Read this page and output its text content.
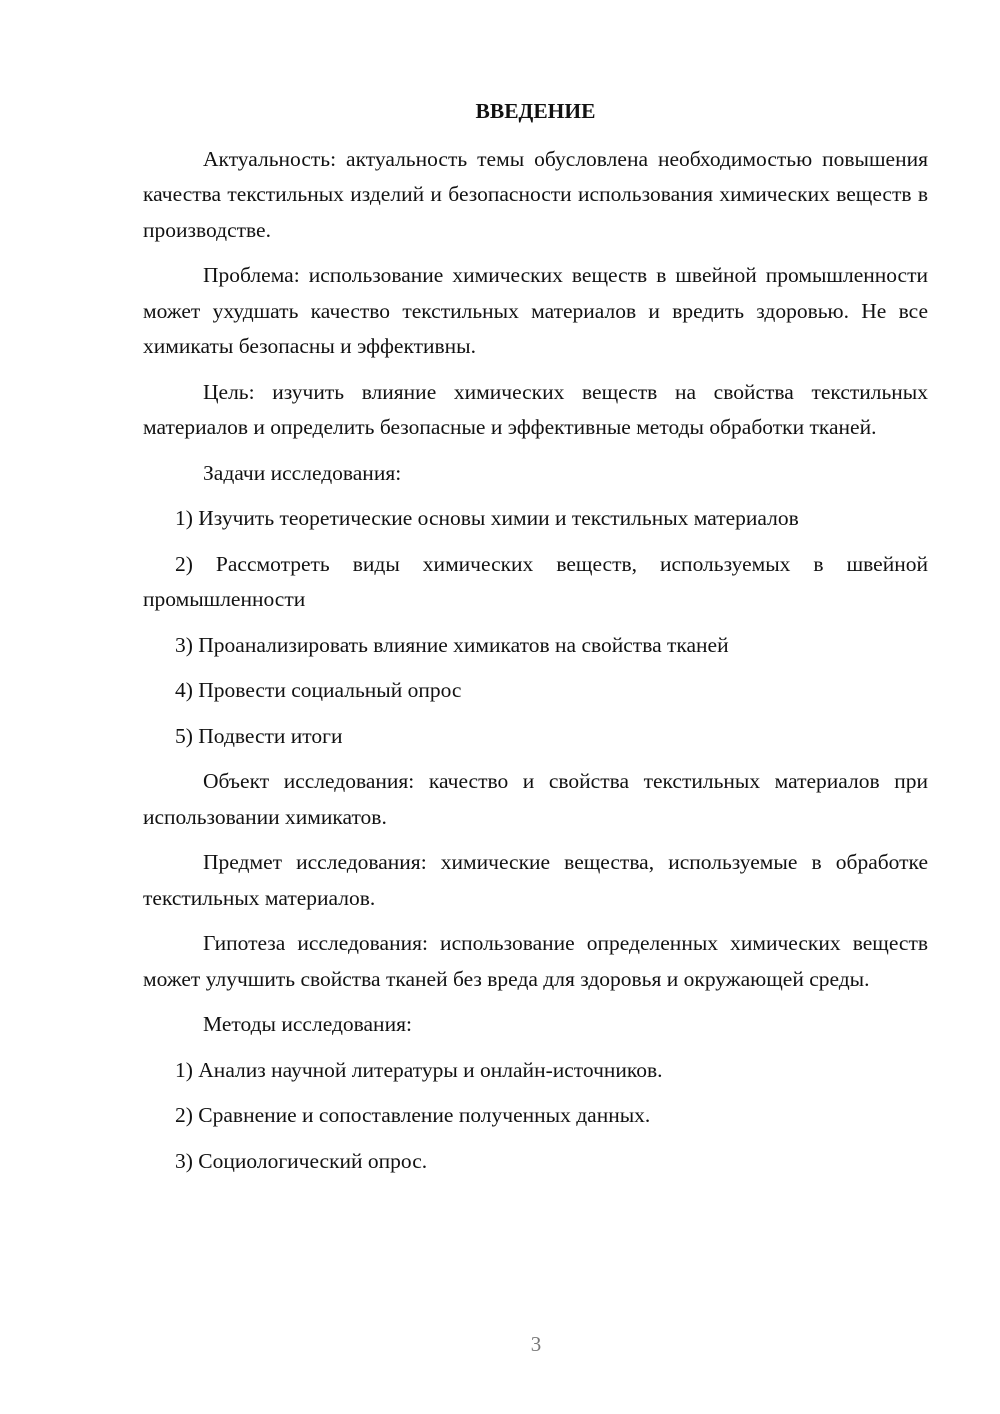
ВВЕДЕНИЕ

Актуальность: актуальность темы обусловлена необходимостью повышения качества текстильных изделий и безопасности использования химических веществ в производстве.

Проблема: использование химических веществ в швейной промышленности может ухудшать качество текстильных материалов и вредить здоровью. Не все химикаты безопасны и эффективны.

Цель: изучить влияние химических веществ на свойства текстильных материалов и определить безопасные и эффективные методы обработки тканей.

Задачи исследования:

1) Изучить теоретические основы химии и текстильных материалов

2) Рассмотреть виды химических веществ, используемых в швейной промышленности

3) Проанализировать влияние химикатов на свойства тканей

4) Провести социальный опрос

5) Подвести итоги

Объект исследования: качество и свойства текстильных материалов при использовании химикатов.

Предмет исследования: химические вещества, используемые в обработке текстильных материалов.

Гипотеза исследования: использование определенных химических веществ может улучшить свойства тканей без вреда для здоровья и окружающей среды.

Методы исследования:

1) Анализ научной литературы и онлайн-источников.

2) Сравнение и сопоставление полученных данных.

3) Социологический опрос.

3
